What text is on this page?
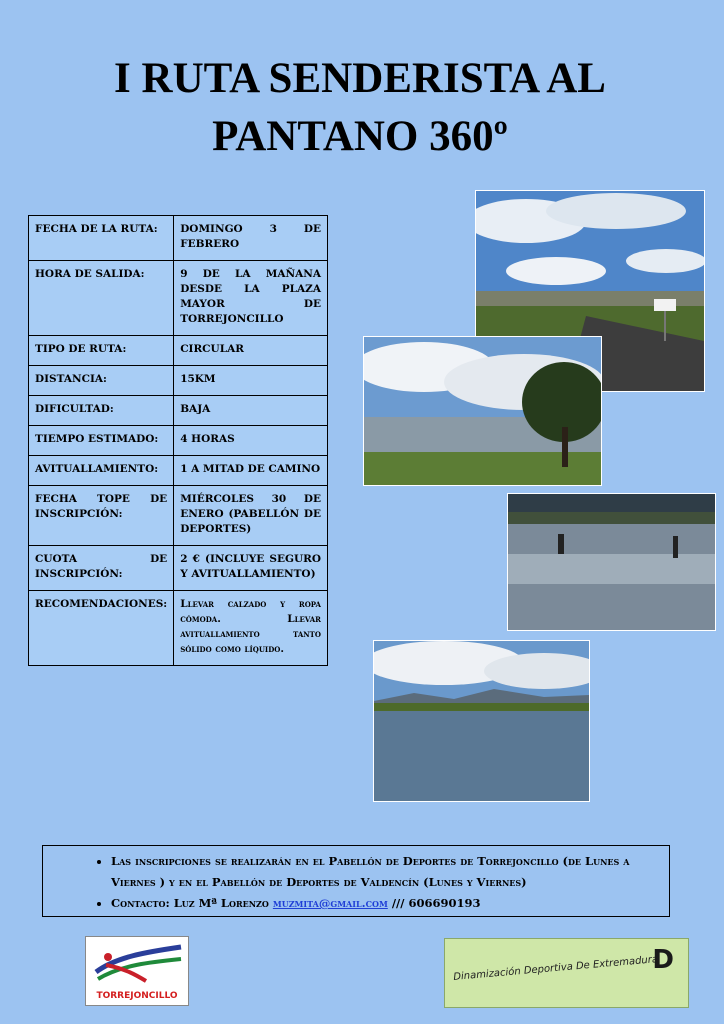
I RUTA SENDERISTA AL
PANTANO 360º
FECHA DE LA RUTA:	DOMINGO 3 DE FEBRERO
HORA DE SALIDA:	9 DE LA MAÑANA DESDE LA PLAZA MAYOR DE TORREJONCILLO
TIPO DE RUTA:	CIRCULAR
DISTANCIA:	15KM
DIFICULTAD:	BAJA
TIEMPO ESTIMADO:	4 HORAS
AVITUALLAMIENTO:	1 A MITAD DE CAMINO
FECHA TOPE DE INSCRIPCIÓN:	MIÉRCOLES 30 DE ENERO (PABELLÓN DE DEPORTES)
CUOTA DE INSCRIPCIÓN:	2 € (INCLUYE SEGURO Y AVITUALLAMIENTO)
RECOMENDACIONES:	Llevar calzado y ropa cómoda. Llevar avituallamiento tanto sólido como líquido.
• Las inscripciones se realizarán en el Pabellón de Deportes de Torrejoncillo (de Lunes a Viernes ) y en el Pabellón de Deportes de Valdencín (Lunes y Viernes)
• Contacto: Luz Mª Lorenzo muzmita@gmail.com /// 606690193
TORREJONCILLO
Dinamización Deportiva De Extremadura
D
